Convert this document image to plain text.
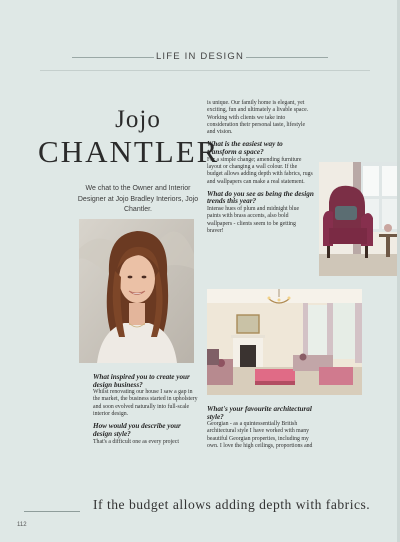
LIFE IN DESIGN
Jojo
CHANTLER
We chat to the Owner and Interior Designer at Jojo Bradley Interiors, Jojo Chantler.

What inspired you to create your design business?

Whilst renovating our house I saw a gap in the market, the business started in upholstery and soon evolved naturally into full-scale interior design.

How would you describe your design style?

That's a difficult one as every project

is unique. Our family home is elegant, yet exciting, fun and ultimately a livable space. Working with clients we take into consideration their personal taste, lifestyle and vision.

What is the easiest way to transform a space?

For a simple change; amending furniture layout or changing a wall colour. If the budget allows adding depth with fabrics, rugs and wallpapers can make a real statement.

What do you see as being the design trends this year?

Intense hues of plum and midnight blue paints with brass accents, also bold wallpapers - clients seem to be getting braver!

What's your favourite architectural style?

Georgian - as a quintessentially British architectural style I have worked with many beautiful Georgian properties, including my own. I love the high ceilings, proportions and

If the budget allows adding depth with fabrics.
112
